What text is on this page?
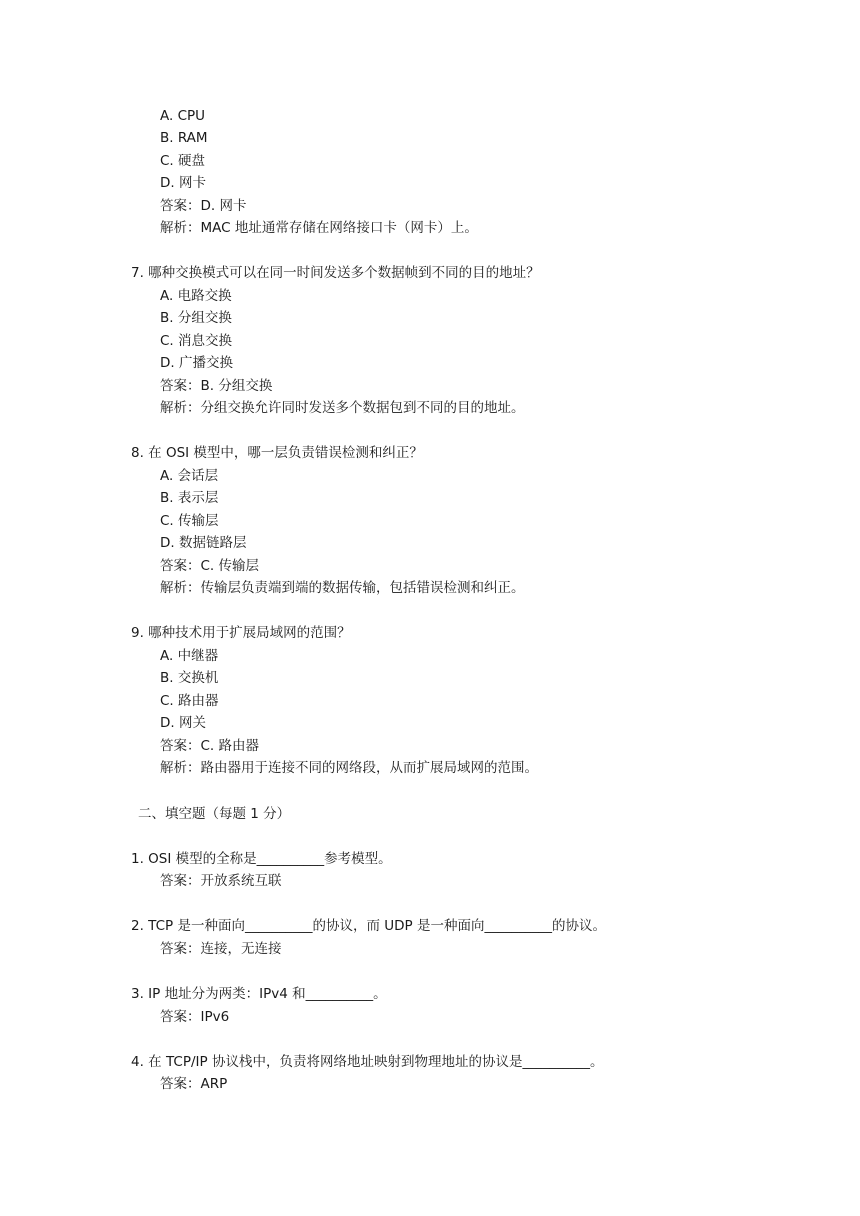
A. CPU
B. RAM
C. 硬盘
D. 网卡
答案：D. 网卡
解析：MAC 地址通常存储在网络接口卡（网卡）上。
7. 哪种交换模式可以在同一时间发送多个数据帧到不同的目的地址？
A. 电路交换
B. 分组交换
C. 消息交换
D. 广播交换
答案：B. 分组交换
解析：分组交换允许同时发送多个数据包到不同的目的地址。
8. 在 OSI 模型中，哪一层负责错误检测和纠正？
A. 会话层
B. 表示层
C. 传输层
D. 数据链路层
答案：C. 传输层
解析：传输层负责端到端的数据传输，包括错误检测和纠正。
9. 哪种技术用于扩展局域网的范围？
A. 中继器
B. 交换机
C. 路由器
D. 网关
答案：C. 路由器
解析：路由器用于连接不同的网络段，从而扩展局域网的范围。
二、填空题（每题 1 分）
1. OSI 模型的全称是__________参考模型。
答案：开放系统互联
2. TCP 是一种面向__________的协议，而 UDP 是一种面向__________的协议。
答案：连接，无连接
3. IP 地址分为两类：IPv4 和__________。
答案：IPv6
4. 在 TCP/IP 协议栈中，负责将网络地址映射到物理地址的协议是__________。
答案：ARP
